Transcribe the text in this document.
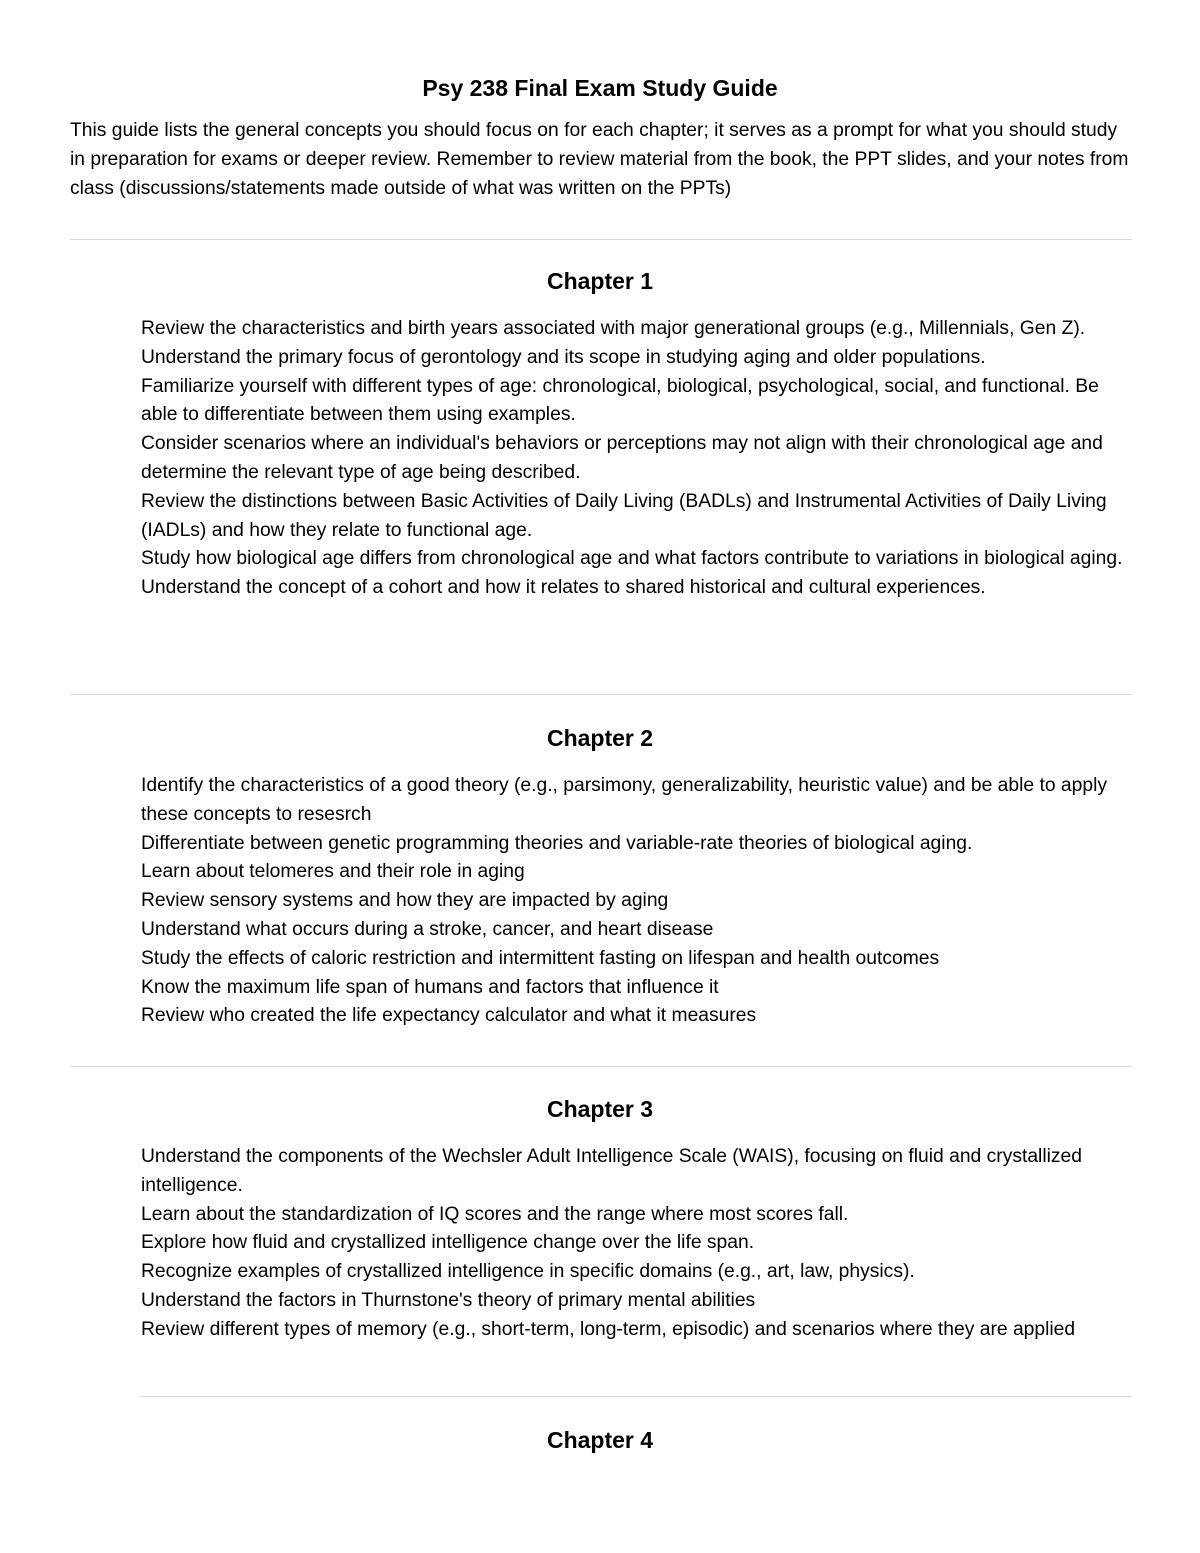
Psy 238 Final Exam Study Guide

This guide lists the general concepts you should focus on for each chapter; it serves as a prompt for what you should study in preparation for exams or deeper review. Remember to review material from the book, the PPT slides, and your notes from class (discussions/statements made outside of what was written on the PPTs)

Chapter 1
Review the characteristics and birth years associated with major generational groups (e.g., Millennials, Gen Z).
Understand the primary focus of gerontology and its scope in studying aging and older populations.
Familiarize yourself with different types of age: chronological, biological, psychological, social, and functional. Be able to differentiate between them using examples.
Consider scenarios where an individual's behaviors or perceptions may not align with their chronological age and determine the relevant type of age being described.
Review the distinctions between Basic Activities of Daily Living (BADLs) and Instrumental Activities of Daily Living (IADLs) and how they relate to functional age.
Study how biological age differs from chronological age and what factors contribute to variations in biological aging.
Understand the concept of a cohort and how it relates to shared historical and cultural experiences.
Chapter 2
Identify the characteristics of a good theory (e.g., parsimony, generalizability, heuristic value) and be able to apply these concepts to resesrch
Differentiate between genetic programming theories and variable-rate theories of biological aging.
Learn about telomeres and their role in aging
Review sensory systems and how they are impacted by aging
Understand what occurs during a stroke, cancer, and heart disease
Study the effects of caloric restriction and intermittent fasting on lifespan and health outcomes
Know the maximum life span of humans and factors that influence it
Review who created the life expectancy calculator and what it measures
Chapter 3
Understand the components of the Wechsler Adult Intelligence Scale (WAIS), focusing on fluid and crystallized intelligence.
Learn about the standardization of IQ scores and the range where most scores fall.
Explore how fluid and crystallized intelligence change over the life span.
Recognize examples of crystallized intelligence in specific domains (e.g., art, law, physics).
Understand the factors in Thurnstone's theory of primary mental abilities
Review different types of memory (e.g., short-term, long-term, episodic) and scenarios where they are applied
Chapter 4
